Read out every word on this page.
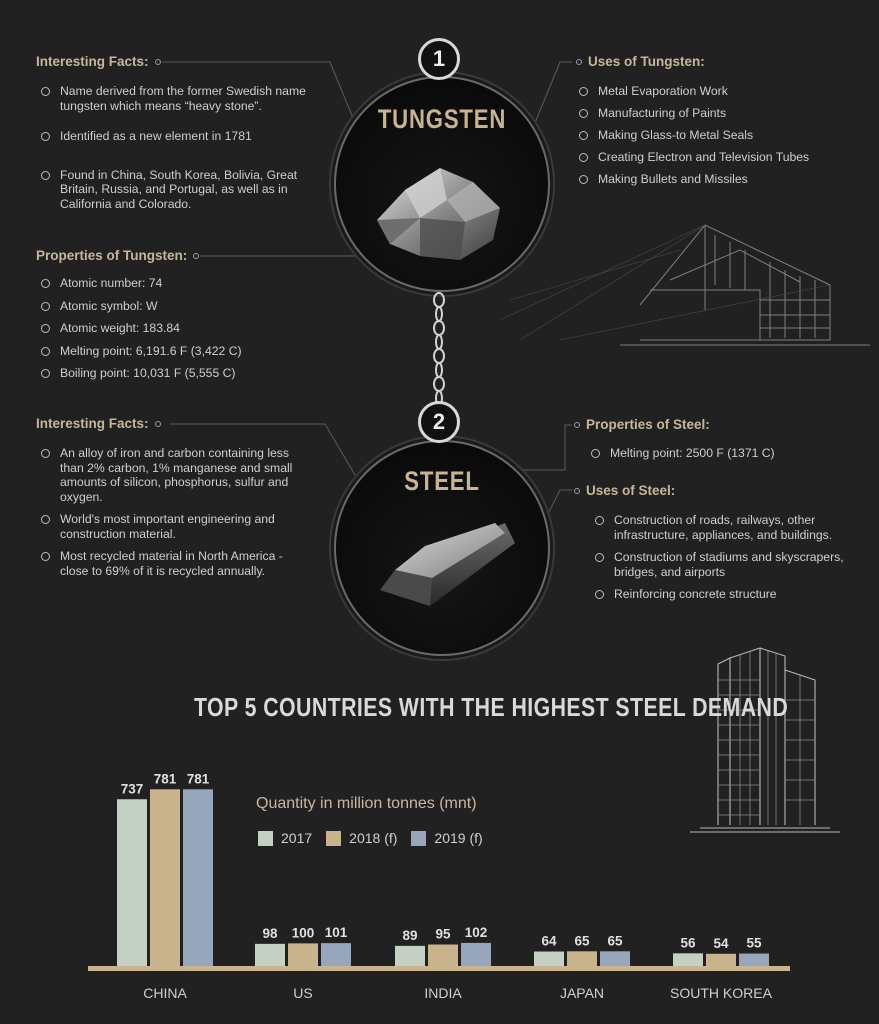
Interesting Facts:
Name derived from the former Swedish name tungsten which means “heavy stone”.
Identified as a new element in 1781
Found in China, South Korea, Bolivia, Great Britain, Russia, and Portugal, as well as in California and Colorado.
Properties of Tungsten:
Atomic number: 74
Atomic symbol: W
Atomic weight: 183.84
Melting point: 6,191.6 F (3,422 C)
Boiling point: 10,031 F (5,555 C)
Uses of Tungsten:
Metal Evaporation Work
Manufacturing of Paints
Making Glass-to Metal Seals
Creating Electron and Television Tubes
Making Bullets and Missiles
TUNGSTEN
1
Interesting Facts:
An alloy of iron and carbon containing less than 2% carbon, 1% manganese and small amounts of silicon, phosphorus, sulfur and oxygen.
World's most important engineering and construction material.
Most recycled material in North America - close to 69% of it is recycled annually.
Properties of Steel:
Melting point: 2500 F (1371 C)
Uses of Steel:
Construction of roads, railways, other infrastructure, appliances, and buildings.
Construction of stadiums and skyscrapers, bridges, and airports
Reinforcing concrete structure
STEEL
2
TOP 5 COUNTRIES WITH THE HIGHEST STEEL DEMAND
Quantity in million tonnes (mnt)
2017	2018 (f)	2019 (f)
737
781 781
CHINA
98 100 101
US
89 95 102
INDIA
64 65 65
JAPAN
56 54 55
SOUTH KOREA
